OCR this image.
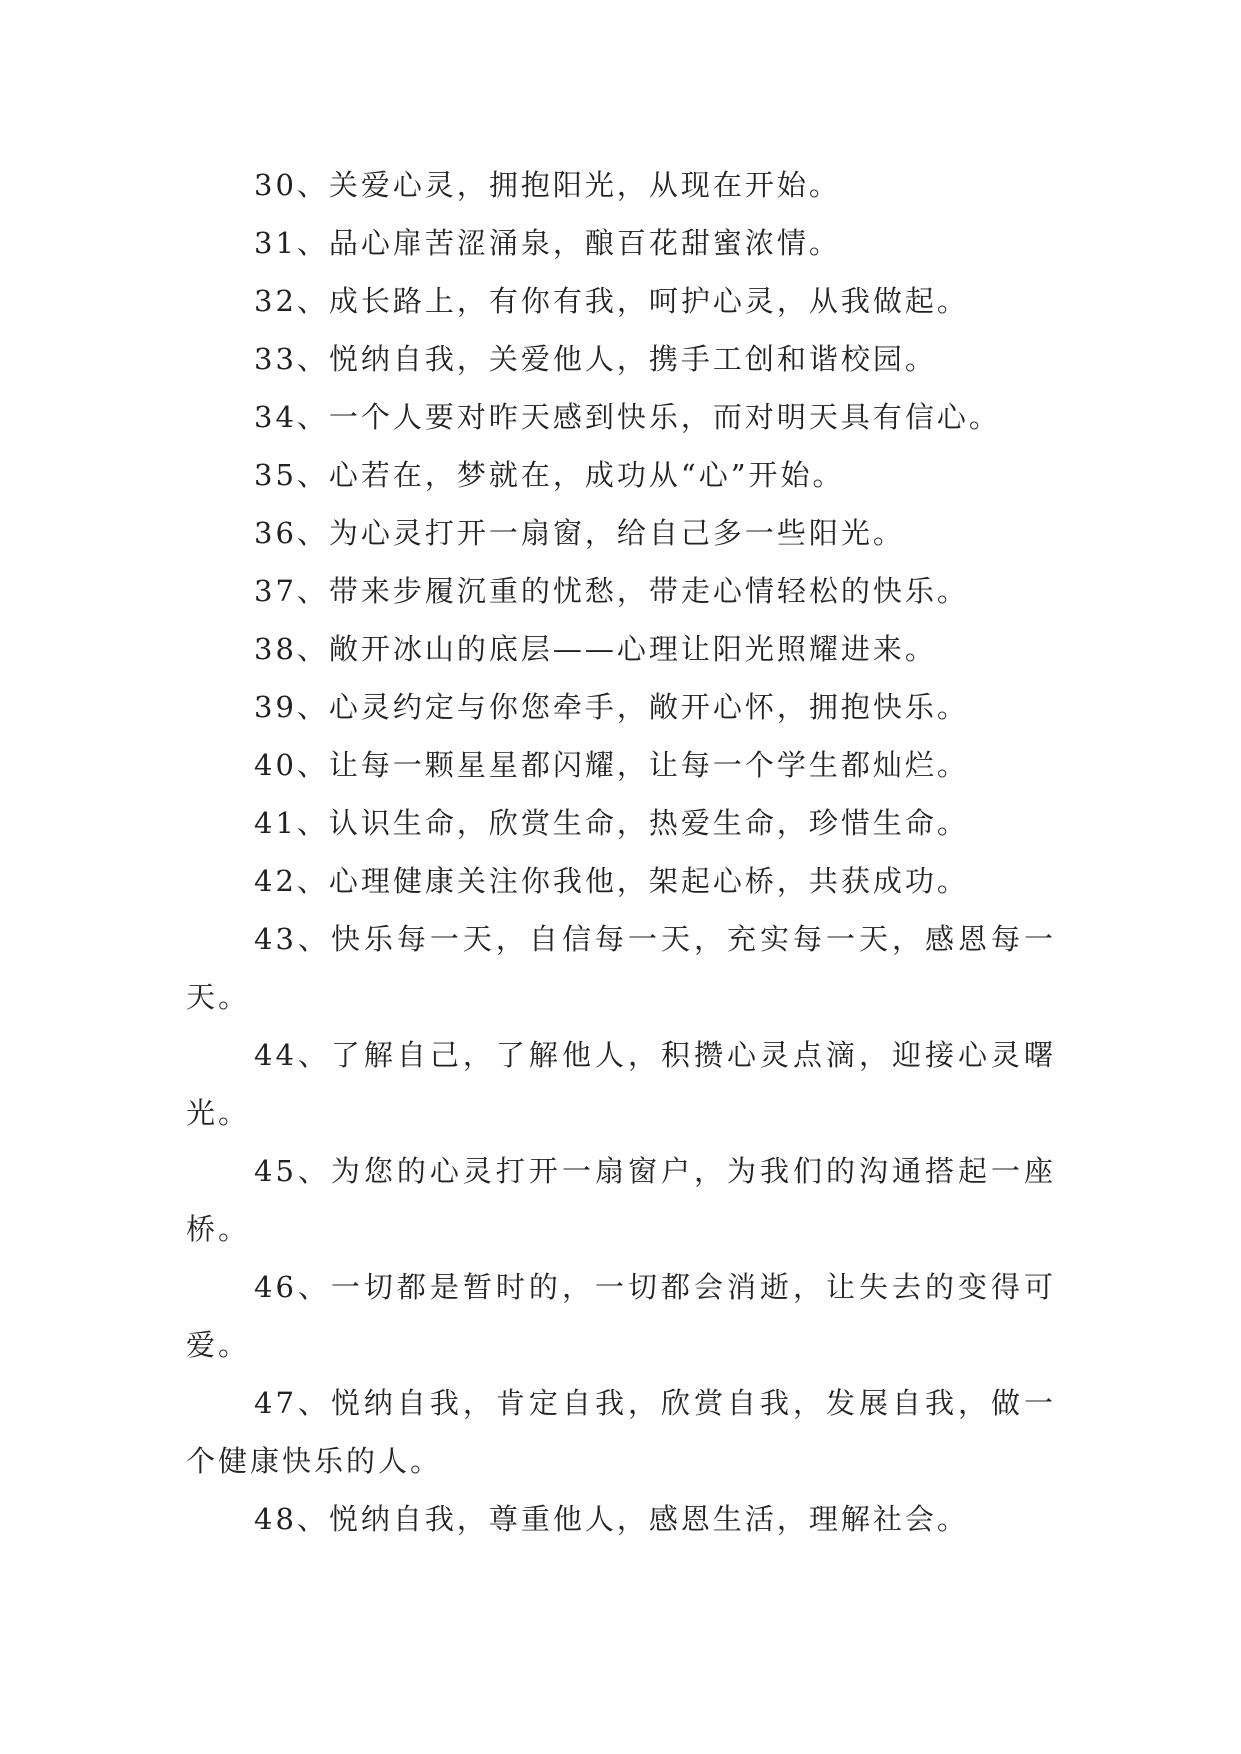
30、关爱心灵，拥抱阳光，从现在开始。

31、品心扉苦涩涌泉，酿百花甜蜜浓情。

32、成长路上，有你有我，呵护心灵，从我做起。

33、悦纳自我，关爱他人，携手工创和谐校园。

34、一个人要对昨天感到快乐，而对明天具有信心。

35、心若在，梦就在，成功从“心”开始。

36、为心灵打开一扇窗，给自己多一些阳光。

37、带来步履沉重的忧愁，带走心情轻松的快乐。

38、敞开冰山的底层——心理让阳光照耀进来。

39、心灵约定与你您牵手，敞开心怀，拥抱快乐。

40、让每一颗星星都闪耀，让每一个学生都灿烂。

41、认识生命，欣赏生命，热爱生命，珍惜生命。

42、心理健康关注你我他，架起心桥，共获成功。

43、快乐每一天，自信每一天，充实每一天，感恩每一天。

44、了解自己，了解他人，积攒心灵点滴，迎接心灵曙光。

45、为您的心灵打开一扇窗户，为我们的沟通搭起一座桥。

46、一切都是暂时的，一切都会消逝，让失去的变得可爱。

47、悦纳自我，肯定自我，欣赏自我，发展自我，做一个健康快乐的人。

48、悦纳自我，尊重他人，感恩生活，理解社会。
